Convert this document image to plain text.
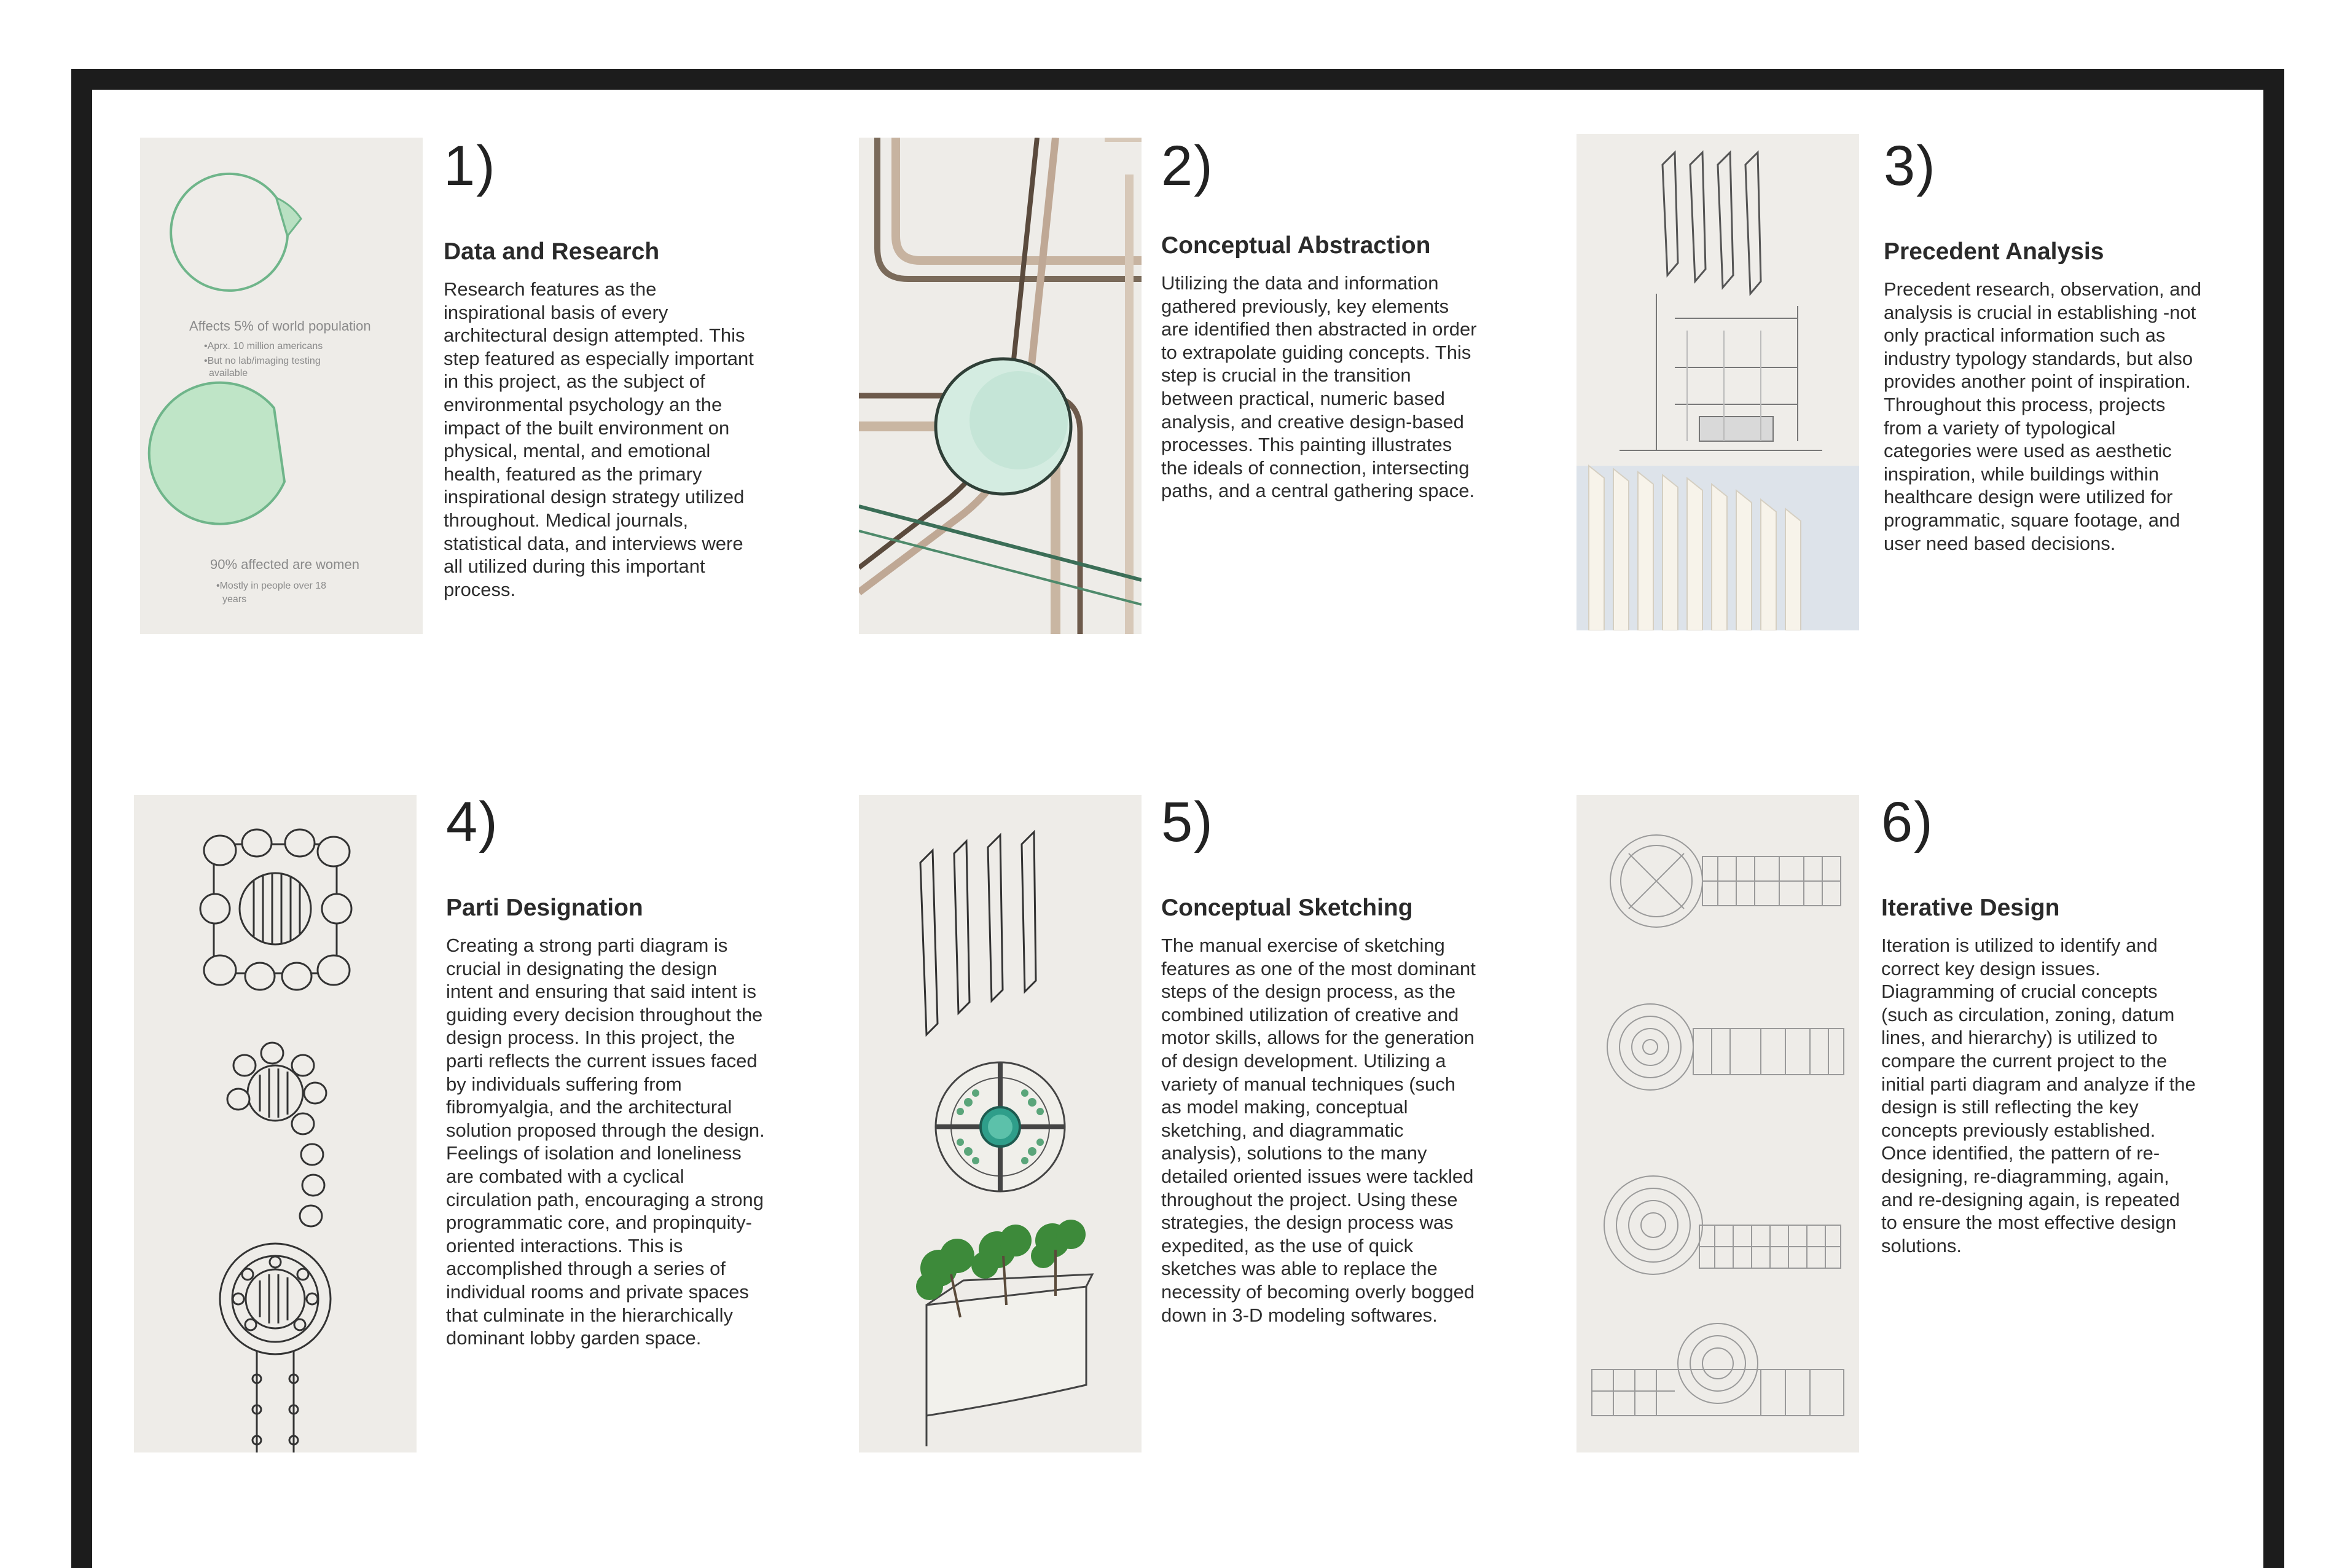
Affects 5% of world population
•Aprx. 10 million americans
•But no lab/imaging testing
available
90% affected are women
•Mostly in people over 18
years
1)
Data and Research

Research features as the inspirational basis of every architectural design attempted. This step featured as especially important in this project, as the subject of environmental psychology an the impact of the built environment on physical, mental, and emotional health, featured as the primary inspirational design strategy utilized throughout. Medical journals, statistical data, and interviews were all utilized during this important process.

2)
Conceptual Abstraction

Utilizing the data and information gathered previously, key elements are identified then abstracted in order to extrapolate guiding concepts. This step is crucial in the transition between practical, numeric based analysis, and creative design-based processes. This painting illustrates the ideals of connection, intersecting paths, and a central gathering space.

3)
Precedent Analysis

Precedent research, observation, and analysis is crucial in establishing -not only practical information such as industry typology standards, but also provides another point of inspiration. Throughout this process, projects from a variety of typological categories were used as aesthetic inspiration, while buildings within healthcare design were utilized for programmatic, square footage, and user need based decisions.

4)
Parti Designation

Creating a strong parti diagram is crucial in designating the design intent and ensuring that said intent is guiding every decision throughout the design process. In this project, the parti reflects the current issues faced by individuals suffering from fibromyalgia, and the architectural solution proposed through the design. Feelings of isolation and loneliness are combated with a cyclical circulation path, encouraging a strong programmatic core, and propinquity-oriented interactions. This is accomplished through a series of individual rooms and private spaces that culminate in the hierarchically dominant lobby garden space.

5)
Conceptual Sketching

The manual exercise of sketching features as one of the most dominant steps of the design process, as the combined utilization of creative and motor skills, allows for the generation of design development. Utilizing a variety of manual techniques (such as model making, conceptual sketching, and diagrammatic analysis), solutions to the many detailed oriented issues were tackled throughout the project. Using these strategies, the design process was expedited, as the use of quick sketches was able to replace the necessity of becoming overly bogged down in 3-D modeling softwares.

6)
Iterative Design

Iteration is utilized to identify and correct key design issues. Diagramming of crucial concepts (such as circulation, zoning, datum lines, and hierarchy) is utilized to compare the current project to the initial parti diagram and analyze if the design is still reflecting the key concepts previously established. Once identified, the pattern of re-designing, re-diagramming, again, and re-designing again, is repeated to ensure the most effective design solutions.
